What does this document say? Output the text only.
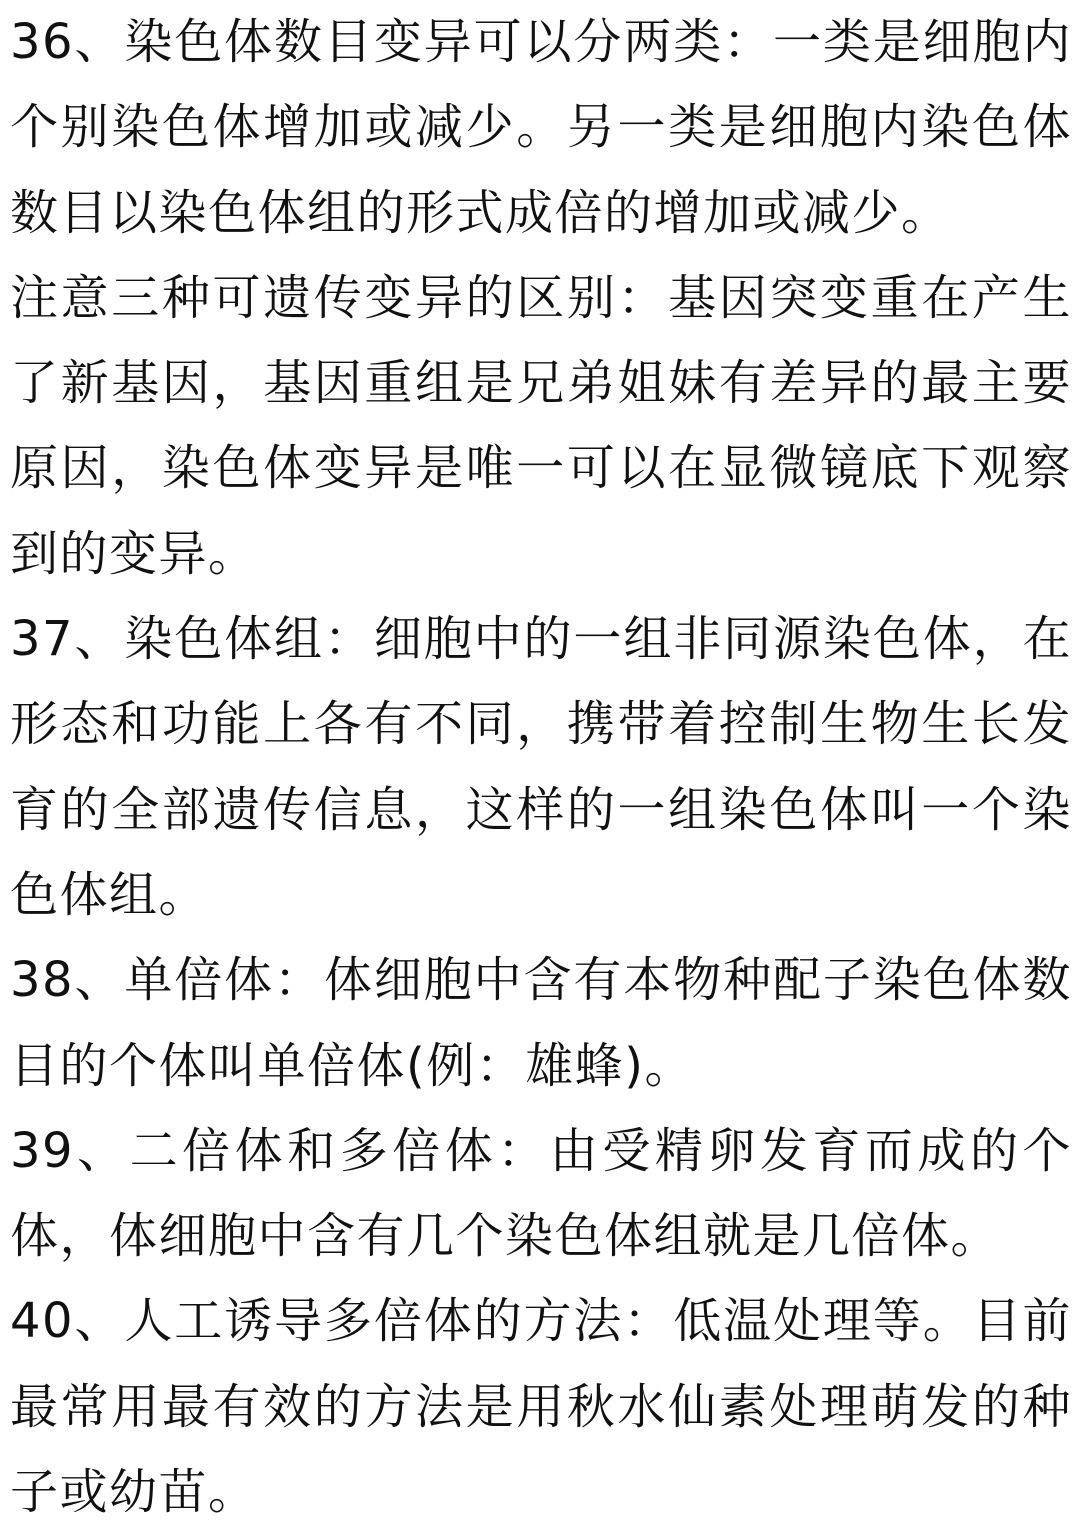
36、染色体数目变异可以分两类：一类是细胞内个别染色体增加或减少。另一类是细胞内染色体数目以染色体组的形式成倍的增加或减少。

注意三种可遗传变异的区别：基因突变重在产生了新基因，基因重组是兄弟姐妹有差异的最主要原因，染色体变异是唯一可以在显微镜底下观察到的变异。

37、染色体组：细胞中的一组非同源染色体，在形态和功能上各有不同，携带着控制生物生长发育的全部遗传信息，这样的一组染色体叫一个染色体组。

38、单倍体：体细胞中含有本物种配子染色体数目的个体叫单倍体(例：雄蜂)。

39、二倍体和多倍体：由受精卵发育而成的个体，体细胞中含有几个染色体组就是几倍体。

40、人工诱导多倍体的方法：低温处理等。目前最常用最有效的方法是用秋水仙素处理萌发的种子或幼苗。
